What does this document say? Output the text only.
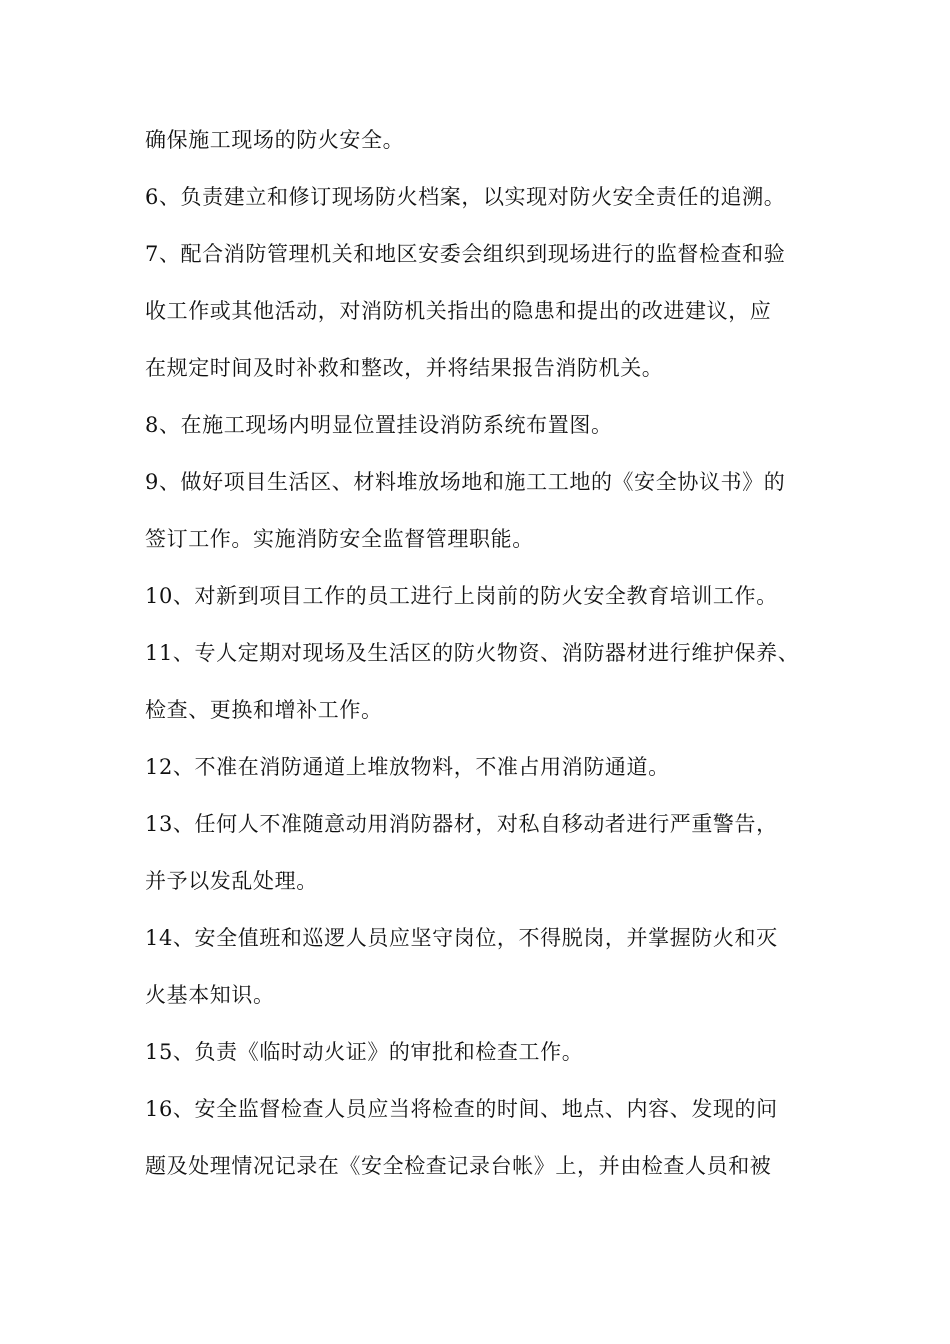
确保施工现场的防火安全。
6、负责建立和修订现场防火档案，以实现对防火安全责任的追溯。
7、配合消防管理机关和地区安委会组织到现场进行的监督检查和验
收工作或其他活动，对消防机关指出的隐患和提出的改进建议，应
在规定时间及时补救和整改，并将结果报告消防机关。
8、在施工现场内明显位置挂设消防系统布置图。
9、做好项目生活区、材料堆放场地和施工工地的《安全协议书》的
签订工作。实施消防安全监督管理职能。
10、对新到项目工作的员工进行上岗前的防火安全教育培训工作。
11、专人定期对现场及生活区的防火物资、消防器材进行维护保养、
检查、更换和增补工作。
12、不准在消防通道上堆放物料，不准占用消防通道。
13、任何人不准随意动用消防器材，对私自移动者进行严重警告，
并予以发乱处理。
14、安全值班和巡逻人员应坚守岗位，不得脱岗，并掌握防火和灭
火基本知识。
15、负责《临时动火证》的审批和检查工作。
16、安全监督检查人员应当将检查的时间、地点、内容、发现的问
题及处理情况记录在《安全检查记录台帐》上，并由检查人员和被
